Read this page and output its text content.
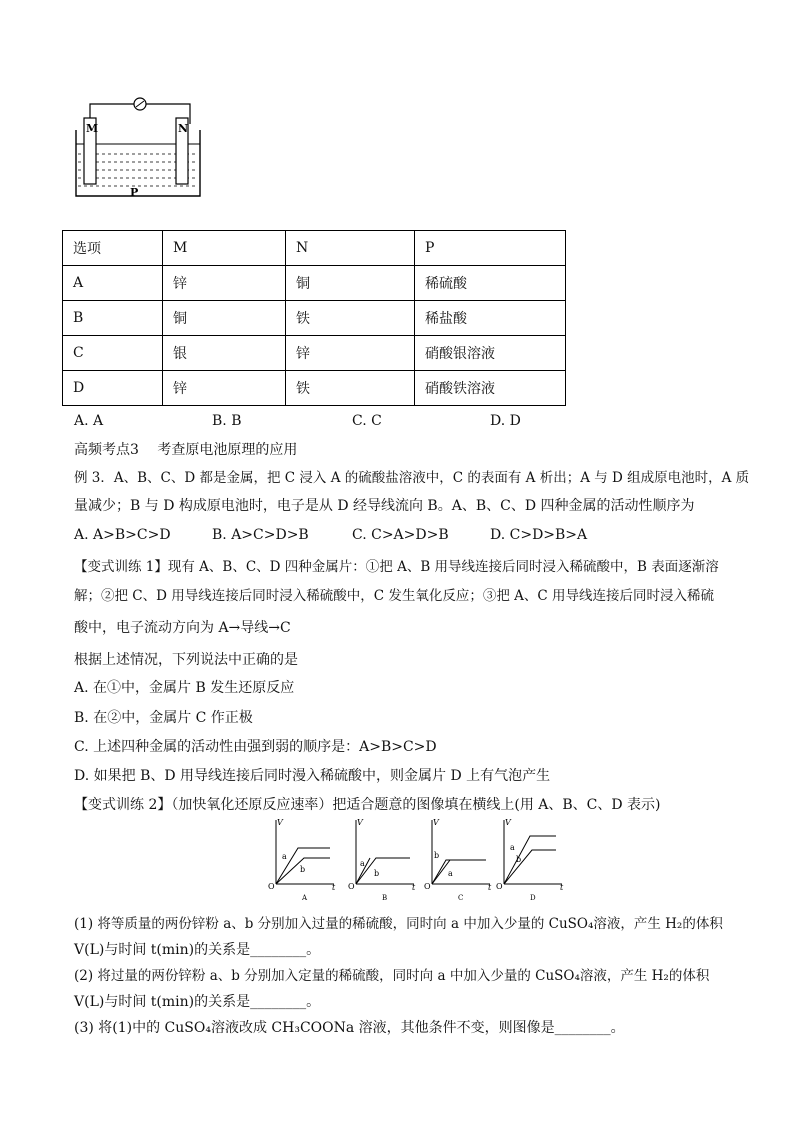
M	N
P
选项	M	N	P
A	锌	铜	稀硫酸
B	铜	铁	稀盐酸
C	银	锌	硝酸银溶液
D	锌	铁	硝酸铁溶液
A. A	B. B	C. C	D. D
高频考点3　 考查原电池原理的应用
例 3．A、B、C、D 都是金属，把 C 浸入 A 的硫酸盐溶液中，C 的表面有 A 析出；A 与 D 组成原电池时，A 质
量减少；B 与 D 构成原电池时，电子是从 D 经导线流向 B。A、B、C、D 四种金属的活动性顺序为
A. A>B>C>D	B. A>C>D>B	C. C>A>D>B	D. C>D>B>A
【变式训练 1】现有 A、B、C、D 四种金属片：①把 A、B 用导线连接后同时浸入稀硫酸中，B 表面逐渐溶
解；②把 C、D 用导线连接后同时浸入稀硫酸中，C 发生氧化反应；③把 A、C 用导线连接后同时浸入稀硫
酸中，电子流动方向为 A→导线→C
根据上述情况，下列说法中正确的是
A. 在①中，金属片 B 发生还原反应
B. 在②中，金属片 C 作正极
C. 上述四种金属的活动性由强到弱的顺序是：A>B>C>D
D. 如果把 B、D 用导线连接后同时漫入稀硫酸中，则金属片 D 上有气泡产生
【变式训练 2】（加快氧化还原反应速率）把适合题意的图像填在横线上(用 A、B、C、D 表示)
V
O	t
a
b
A
V
O	t
a
b
B
V
O	t
b
a
C
V
O	t
a
b
D
(1) 将等质量的两份锌粉 a、b 分别加入过量的稀硫酸，同时向 a 中加入少量的 CuSO₄溶液，产生 H₂的体积
V(L)与时间 t(min)的关系是________。
(2) 将过量的两份锌粉 a、b 分别加入定量的稀硫酸，同时向 a 中加入少量的 CuSO₄溶液，产生 H₂的体积
V(L)与时间 t(min)的关系是________。
(3) 将(1)中的 CuSO₄溶液改成 CH₃COONa 溶液，其他条件不变，则图像是________。
